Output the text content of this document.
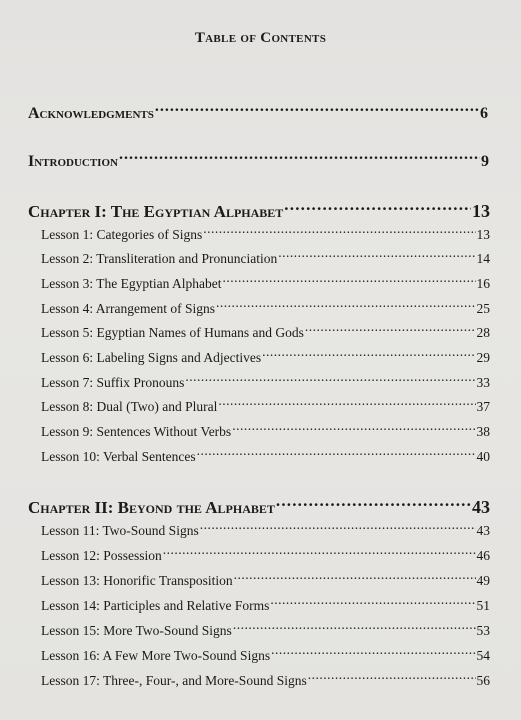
Table of Contents
Acknowledgments .....	6
Introduction .....	9
Chapter I: The Egyptian Alphabet .....	13
Lesson 1: Categories of Signs .....	13
Lesson 2: Transliteration and Pronunciation .....	14
Lesson 3: The Egyptian Alphabet .....	16
Lesson 4: Arrangement of Signs .....	25
Lesson 5: Egyptian Names of Humans and Gods .....	28
Lesson 6: Labeling Signs and Adjectives .....	29
Lesson 7: Suffix Pronouns .....	33
Lesson 8: Dual (Two) and Plural .....	37
Lesson 9: Sentences Without Verbs .....	38
Lesson 10: Verbal Sentences .....	40
Chapter II: Beyond the Alphabet .....	43
Lesson 11: Two-Sound Signs .....	43
Lesson 12: Possession .....	46
Lesson 13: Honorific Transposition .....	49
Lesson 14: Participles and Relative Forms .....	51
Lesson 15: More Two-Sound Signs .....	53
Lesson 16: A Few More Two-Sound Signs .....	54
Lesson 17: Three-, Four-, and More-Sound Signs .....	56
